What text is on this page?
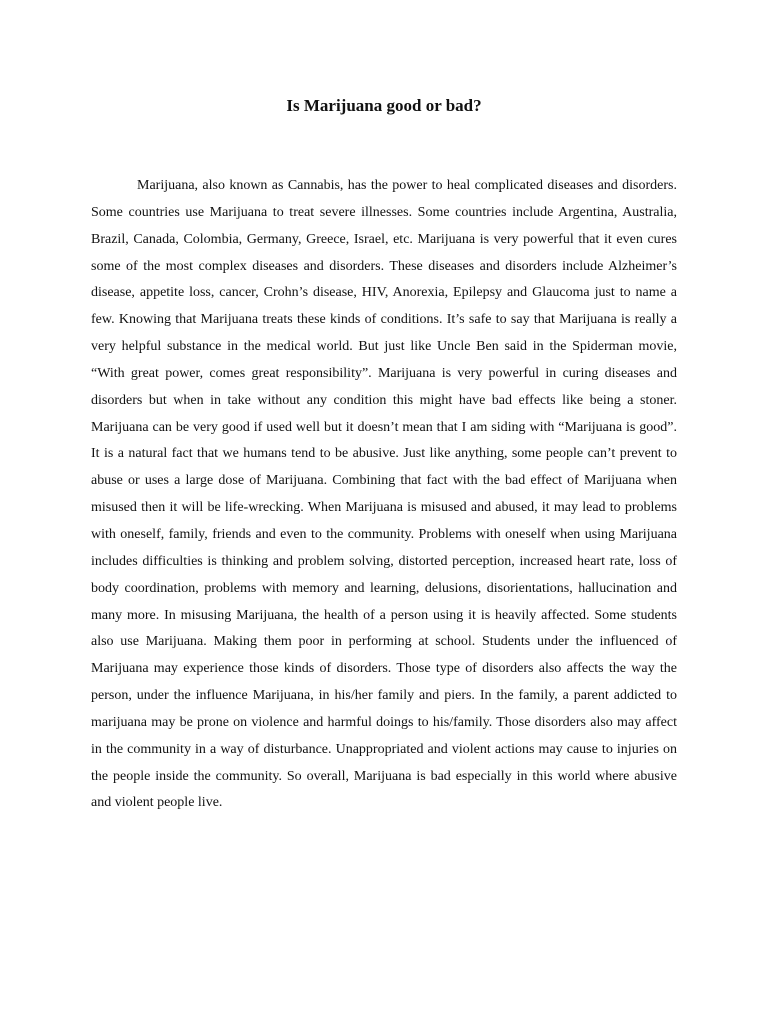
Is Marijuana good or bad?

Marijuana, also known as Cannabis, has the power to heal complicated diseases and disorders. Some countries use Marijuana to treat severe illnesses. Some countries include Argentina, Australia, Brazil, Canada, Colombia, Germany, Greece, Israel, etc. Marijuana is very powerful that it even cures some of the most complex diseases and disorders. These diseases and disorders include Alzheimer’s disease, appetite loss, cancer, Crohn’s disease, HIV, Anorexia, Epilepsy and Glaucoma just to name a few. Knowing that Marijuana treats these kinds of conditions. It’s safe to say that Marijuana is really a very helpful substance in the medical world. But just like Uncle Ben said in the Spiderman movie, “With great power, comes great responsibility”. Marijuana is very powerful in curing diseases and disorders but when in take without any condition this might have bad effects like being a stoner. Marijuana can be very good if used well but it doesn’t mean that I am siding with “Marijuana is good”. It is a natural fact that we humans tend to be abusive. Just like anything, some people can’t prevent to abuse or uses a large dose of Marijuana. Combining that fact with the bad effect of Marijuana when misused then it will be life-wrecking. When Marijuana is misused and abused, it may lead to problems with oneself, family, friends and even to the community. Problems with oneself when using Marijuana includes difficulties is thinking and problem solving, distorted perception, increased heart rate, loss of body coordination, problems with memory and learning, delusions, disorientations, hallucination and many more. In misusing Marijuana, the health of a person using it is heavily affected. Some students also use Marijuana. Making them poor in performing at school. Students under the influenced of Marijuana may experience those kinds of disorders. Those type of disorders also affects the way the person, under the influence Marijuana, in his/her family and piers. In the family, a parent addicted to marijuana may be prone on violence and harmful doings to his/family. Those disorders also may affect in the community in a way of disturbance. Unappropriated and violent actions may cause to injuries on the people inside the community. So overall, Marijuana is bad especially in this world where abusive and violent people live.
